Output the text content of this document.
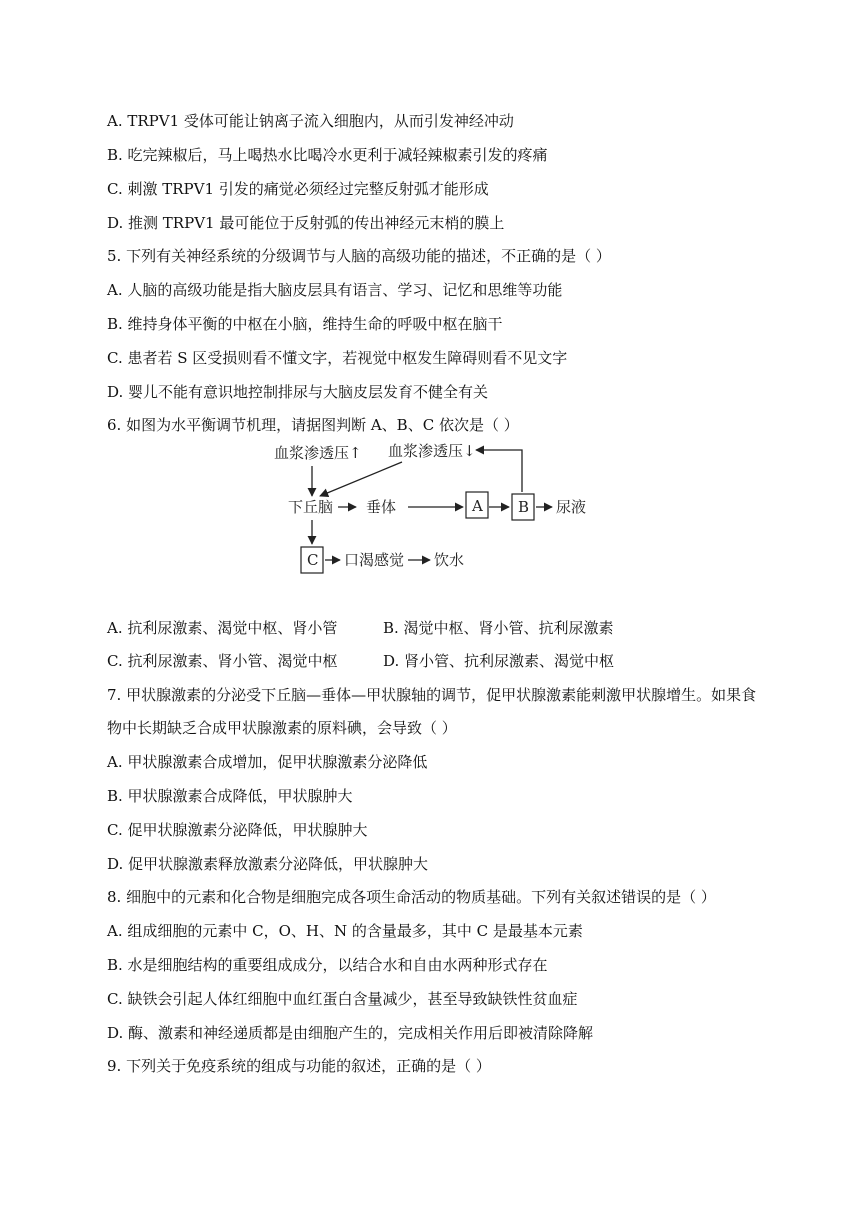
A. TRPV1 受体可能让钠离子流入细胞内，从而引发神经冲动
B. 吃完辣椒后，马上喝热水比喝冷水更利于减轻辣椒素引发的疼痛
C. 刺激 TRPV1 引发的痛觉必须经过完整反射弧才能形成
D. 推测 TRPV1 最可能位于反射弧的传出神经元末梢的膜上
5. 下列有关神经系统的分级调节与人脑的高级功能的描述，不正确的是（ ）
A. 人脑的高级功能是指大脑皮层具有语言、学习、记忆和思维等功能
B. 维持身体平衡的中枢在小脑，维持生命的呼吸中枢在脑干
C. 患者若 S 区受损则看不懂文字，若视觉中枢发生障碍则看不见文字
D. 婴儿不能有意识地控制排尿与大脑皮层发育不健全有关
6. 如图为水平衡调节机理，请据图判断 A、B、C 依次是（ ）
血浆渗透压↑ 血浆渗透压↓
下丘脑 垂体	A B 尿液
C 口渴感觉 饮水
A. 抗利尿激素、渴觉中枢、肾小管	B. 渴觉中枢、肾小管、抗利尿激素
C. 抗利尿激素、肾小管、渴觉中枢	D. 肾小管、抗利尿激素、渴觉中枢
7. 甲状腺激素的分泌受下丘脑—垂体—甲状腺轴的调节，促甲状腺激素能刺激甲状腺增生。如果食
物中长期缺乏合成甲状腺激素的原料碘，会导致（ ）
A. 甲状腺激素合成增加，促甲状腺激素分泌降低
B. 甲状腺激素合成降低，甲状腺肿大
C. 促甲状腺激素分泌降低，甲状腺肿大
D. 促甲状腺激素释放激素分泌降低，甲状腺肿大
8. 细胞中的元素和化合物是细胞完成各项生命活动的物质基础。下列有关叙述错误的是（ ）
A. 组成细胞的元素中 C，O、H、N 的含量最多，其中 C 是最基本元素
B. 水是细胞结构的重要组成成分，以结合水和自由水两种形式存在
C. 缺铁会引起人体红细胞中血红蛋白含量减少，甚至导致缺铁性贫血症
D. 酶、激素和神经递质都是由细胞产生的，完成相关作用后即被清除降解
9. 下列关于免疫系统的组成与功能的叙述，正确的是（ ）
